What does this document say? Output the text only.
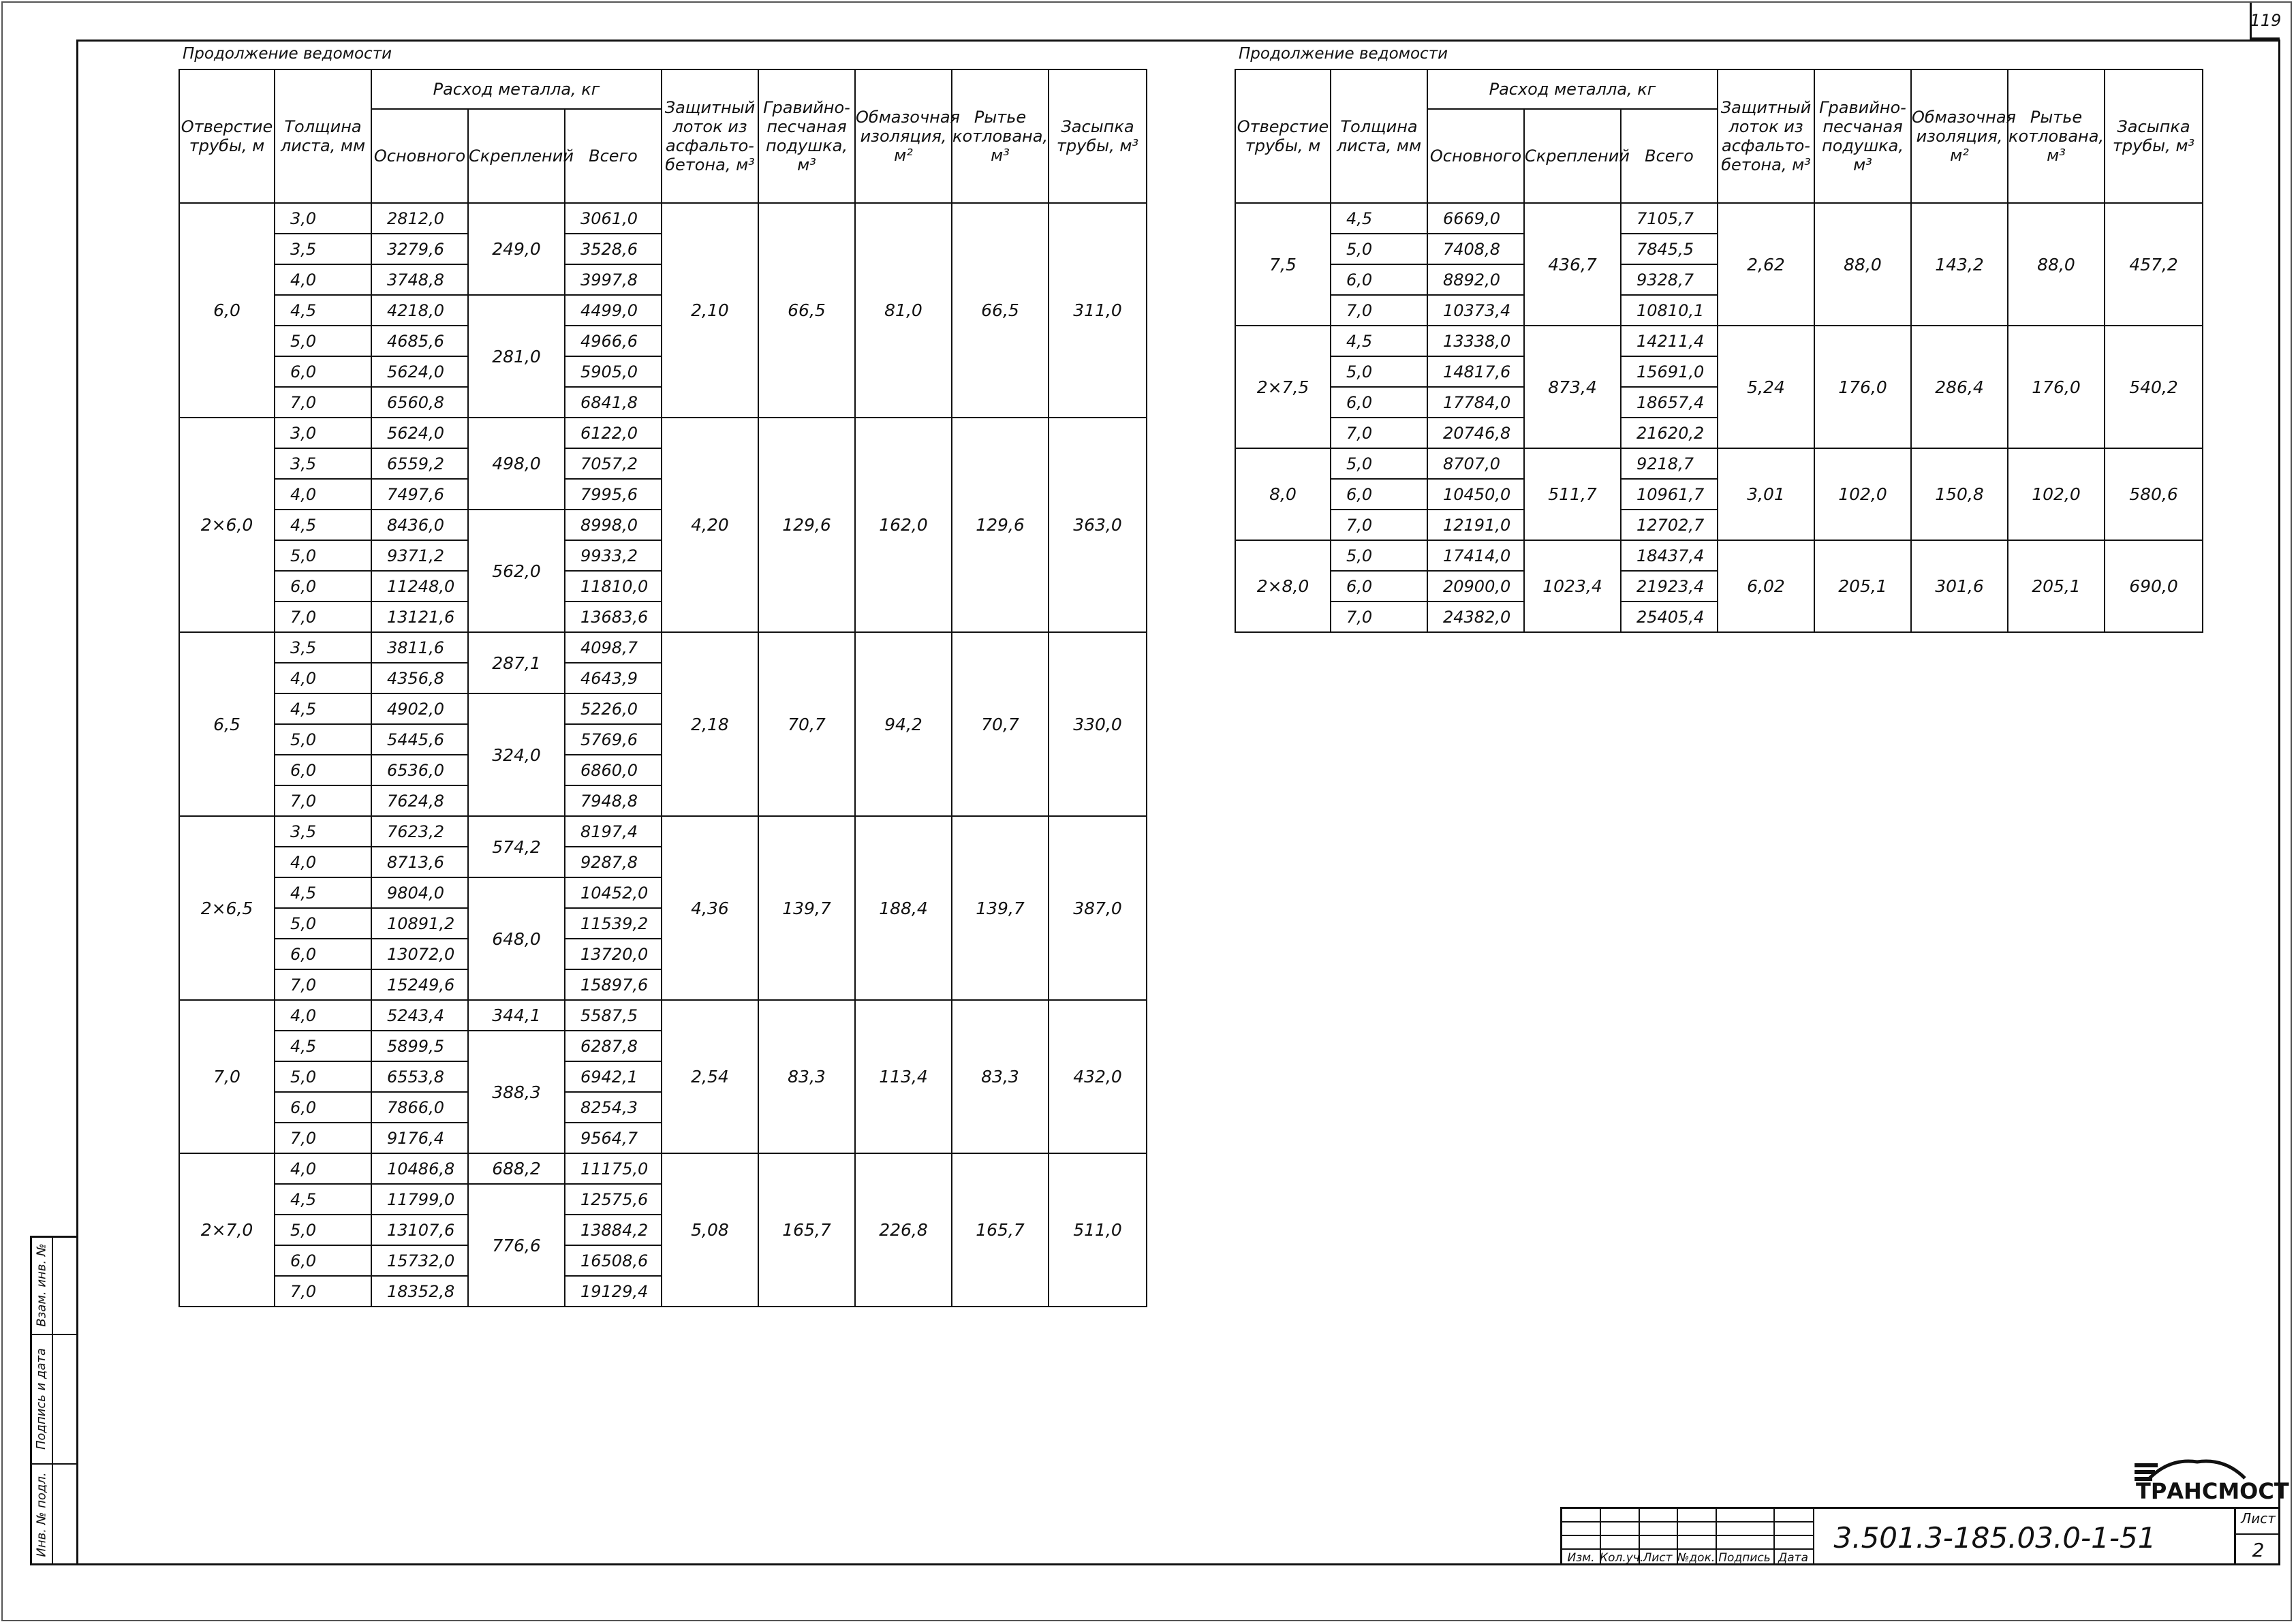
119
Продолжение ведомости	Продолжение ведомости
Отверстие трубы, м	Толщина листа, мм	Расход металла, кг			Защитный лоток из асфальто-бетона, м³	Гравийно-песчаная подушка, м³	Обмазочная изоляция, м²	Рытье котлована, м³	Засыпка трубы, м³
		Основного	Скреплений	Всего					
6,0	3,0	2812,0	249,0	3061,0	2,10	66,5	81,0	66,5	311,0
	3,5	3279,6		3528,6					
	4,0	3748,8		3997,8					
	4,5	4218,0	281,0	4499,0					
	5,0	4685,6		4966,6					
	6,0	5624,0		5905,0					
	7,0	6560,8		6841,8					
2×6,0	3,0	5624,0	498,0	6122,0	4,20	129,6	162,0	129,6	363,0
	3,5	6559,2		7057,2					
	4,0	7497,6		7995,6					
	4,5	8436,0	562,0	8998,0					
	5,0	9371,2		9933,2					
	6,0	11248,0		11810,0					
	7,0	13121,6		13683,6					
6,5	3,5	3811,6	287,1	4098,7	2,18	70,7	94,2	70,7	330,0
	4,0	4356,8		4643,9					
	4,5	4902,0	324,0	5226,0					
	5,0	5445,6		5769,6					
	6,0	6536,0		6860,0					
	7,0	7624,8		7948,8					
2×6,5	3,5	7623,2	574,2	8197,4	4,36	139,7	188,4	139,7	387,0
	4,0	8713,6		9287,8					
	4,5	9804,0	648,0	10452,0					
	5,0	10891,2		11539,2					
	6,0	13072,0		13720,0					
	7,0	15249,6		15897,6					
7,0	4,0	5243,4	344,1	5587,5	2,54	83,3	113,4	83,3	432,0
	4,5	5899,5	388,3	6287,8					
	5,0	6553,8		6942,1					
	6,0	7866,0		8254,3					
	7,0	9176,4		9564,7					
2×7,0	4,0	10486,8	688,2	11175,0	5,08	165,7	226,8	165,7	511,0
	4,5	11799,0	776,6	12575,6					
	5,0	13107,6		13884,2					
	6,0	15732,0		16508,6					
	7,0	18352,8		19129,4					
Отверстие трубы, м	Толщина листа, мм	Расход металла, кг			Защитный лоток из асфальто-бетона, м³	Гравийно-песчаная подушка, м³	Обмазочная изоляция, м²	Рытье котлована, м³	Засыпка трубы, м³
		Основного	Скреплений	Всего					
7,5	4,5	6669,0	436,7	7105,7	2,62	88,0	143,2	88,0	457,2
	5,0	7408,8		7845,5					
	6,0	8892,0		9328,7					
	7,0	10373,4		10810,1					
2×7,5	4,5	13338,0	873,4	14211,4	5,24	176,0	286,4	176,0	540,2
	5,0	14817,6		15691,0					
	6,0	17784,0		18657,4					
	7,0	20746,8		21620,2					
8,0	5,0	8707,0	511,7	9218,7	3,01	102,0	150,8	102,0	580,6
	6,0	10450,0		10961,7					
	7,0	12191,0		12702,7					
2×8,0	5,0	17414,0	1023,4	18437,4	6,02	205,1	301,6	205,1	690,0
	6,0	20900,0		21923,4					
	7,0	24382,0		25405,4					
Взам. инв. №
Подпись и дата
Инв. № подл.	ТРАНСМОСТ
Изм. Кол.уч. Лист №док. Подпись Дата
3.501.3-185.03.0-1-51
Лист
2
